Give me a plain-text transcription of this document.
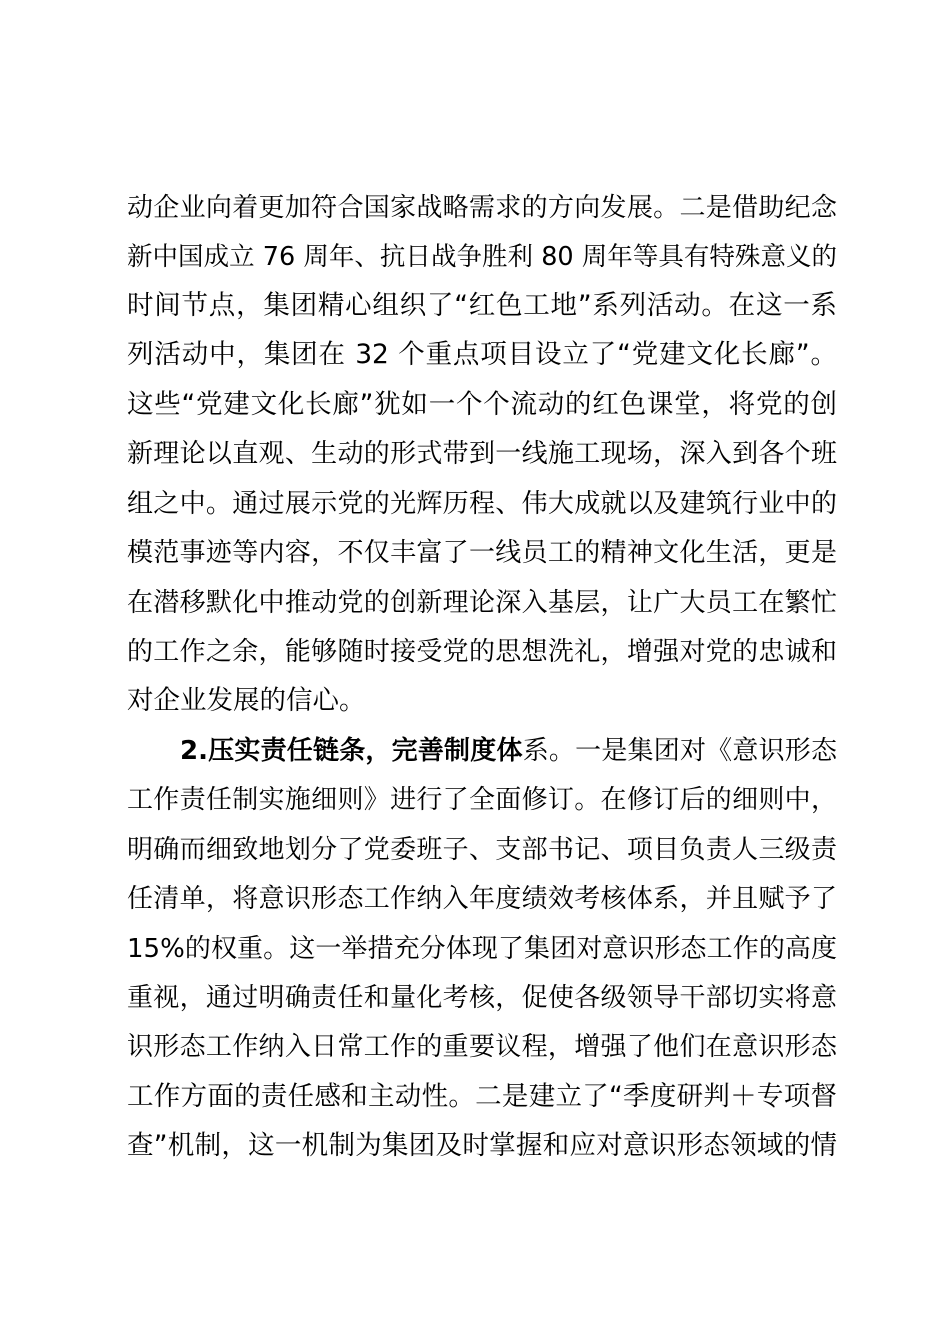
动企业向着更加符合国家战略需求的方向发展。二是借助纪念
新中国成立 76 周年、抗日战争胜利 80 周年等具有特殊意义的
时间节点，集团精心组织了“红色工地”系列活动。在这一系
列活动中，集团在 32 个重点项目设立了“党建文化长廊”。
这些“党建文化长廊”犹如一个个流动的红色课堂，将党的创
新理论以直观、生动的形式带到一线施工现场，深入到各个班
组之中。通过展示党的光辉历程、伟大成就以及建筑行业中的
模范事迹等内容，不仅丰富了一线员工的精神文化生活，更是
在潜移默化中推动党的创新理论深入基层，让广大员工在繁忙
的工作之余，能够随时接受党的思想洗礼，增强对党的忠诚和
对企业发展的信心。
2.压实责任链条，完善制度体系。一是集团对《意识形态
工作责任制实施细则》进行了全面修订。在修订后的细则中，
明确而细致地划分了党委班子、支部书记、项目负责人三级责
任清单，将意识形态工作纳入年度绩效考核体系，并且赋予了
15%的权重。这一举措充分体现了集团对意识形态工作的高度
重视，通过明确责任和量化考核，促使各级领导干部切实将意
识形态工作纳入日常工作的重要议程，增强了他们在意识形态
工作方面的责任感和主动性。二是建立了“季度研判＋专项督
查”机制，这一机制为集团及时掌握和应对意识形态领域的情
